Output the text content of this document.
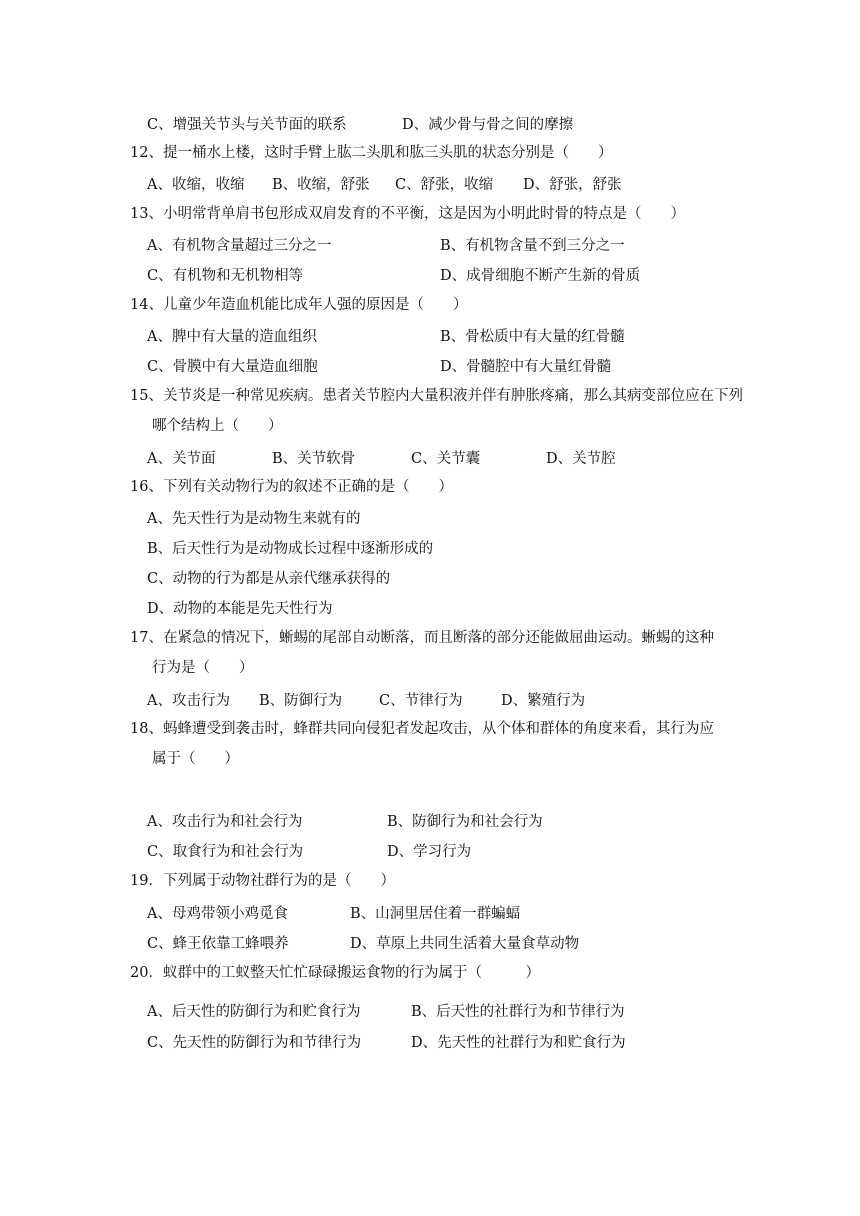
C、增强关节头与关节面的联系	D、减少骨与骨之间的摩擦
12、提一桶水上楼，这时手臂上肱二头肌和肱三头肌的状态分别是（　　）
A、收缩，收缩 B、收缩，舒张 C、舒张，收缩 D、舒张，舒张
13、小明常背单肩书包形成双肩发育的不平衡，这是因为小明此时骨的特点是（　　）
A、有机物含量超过三分之一	B、有机物含量不到三分之一
C、有机物和无机物相等	D、成骨细胞不断产生新的骨质
14、儿童少年造血机能比成年人强的原因是（　　）
A、脾中有大量的造血组织	B、骨松质中有大量的红骨髓
C、骨膜中有大量造血细胞	D、骨髓腔中有大量红骨髓
15、关节炎是一种常见疾病。患者关节腔内大量积液并伴有肿胀疼痛，那么其病变部位应在下列
哪个结构上（　　）
A、关节面	B、关节软骨	C、关节囊	D、关节腔
16、下列有关动物行为的叙述不正确的是（　　）
A、先天性行为是动物生来就有的
B、后天性行为是动物成长过程中逐渐形成的
C、动物的行为都是从亲代继承获得的
D、动物的本能是先天性行为
17、在紧急的情况下，蜥蜴的尾部自动断落，而且断落的部分还能做屈曲运动。蜥蜴的这种
行为是（　　）
A、攻击行为 B、防御行为	C、节律行为	D、繁殖行为
18、蚂蜂遭受到袭击时，蜂群共同向侵犯者发起攻击，从个体和群体的角度来看，其行为应
属于（　　）
A、攻击行为和社会行为	B、防御行为和社会行为
C、取食行为和社会行为	D、学习行为
19．下列属于动物社群行为的是（　　）
A、母鸡带领小鸡觅食	B、山洞里居住着一群蝙蝠
C、蜂王依靠工蜂喂养	D、草原上共同生活着大量食草动物
20．蚁群中的工蚁整天忙忙碌碌搬运食物的行为属于（　　　）
A、后天性的防御行为和贮食行为	B、后天性的社群行为和节律行为
C、先天性的防御行为和节律行为	D、先天性的社群行为和贮食行为
